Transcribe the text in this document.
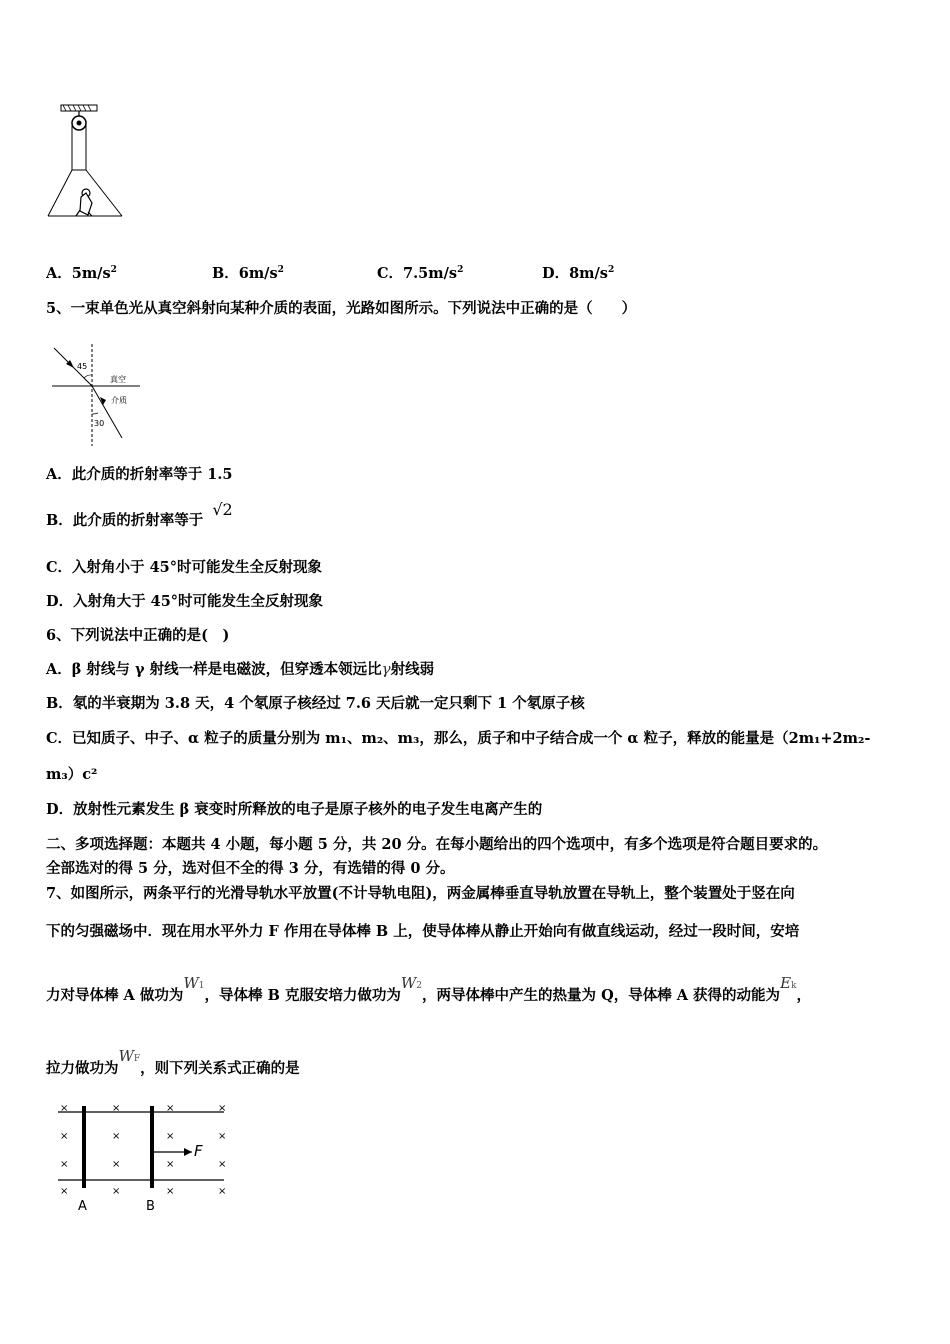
A．$5m/s^2$	B．$6m/s^2$	C．$7.5m/s^2$	D．$8m/s^2$
5、一束单色光从真空斜射向某种介质的表面，光路如图所示。下列说法中正确的是（　　）
45
30
真空
介质
A．此介质的折射率等于 1.5
B．此介质的折射率等于 √2
C．入射角小于 45°时可能发生全反射现象
D．入射角大于 45°时可能发生全反射现象
6、下列说法中正确的是(　)
A．β 射线与 γ 射线一样是电磁波，但穿透本领远比γ射线弱
B．氡的半衰期为 3.8 天，4 个氡原子核经过 7.6 天后就一定只剩下 1 个氡原子核
C．已知质子、中子、α 粒子的质量分别为 m₁、m₂、m₃，那么，质子和中子结合成一个 α 粒子，释放的能量是（2m₁+2m₂-
m₃）c²
D．放射性元素发生 β 衰变时所释放的电子是原子核外的电子发生电离产生的
二、多项选择题：本题共 4 小题，每小题 5 分，共 20 分。在每小题给出的四个选项中，有多个选项是符合题目要求的。
全部选对的得 5 分，选对但不全的得 3 分，有选错的得 0 分。
7、如图所示，两条平行的光滑导轨水平放置(不计导轨电阻)，两金属棒垂直导轨放置在导轨上，整个装置处于竖在向
下的匀强磁场中．现在用水平外力 F 作用在导体棒 B 上，使导体棒从静止开始向有做直线运动，经过一段时间，安培
力对导体棒 A 做功为W1，导体棒 B 克服安培力做功为W2，两导体棒中产生的热量为 Q，导体棒 A 获得的动能为Ek，
拉力做功为WF，则下列关系式正确的是
×	×	×	×
×	×	×	×
×	×	×	×
×	×	×	×
F
A	B
